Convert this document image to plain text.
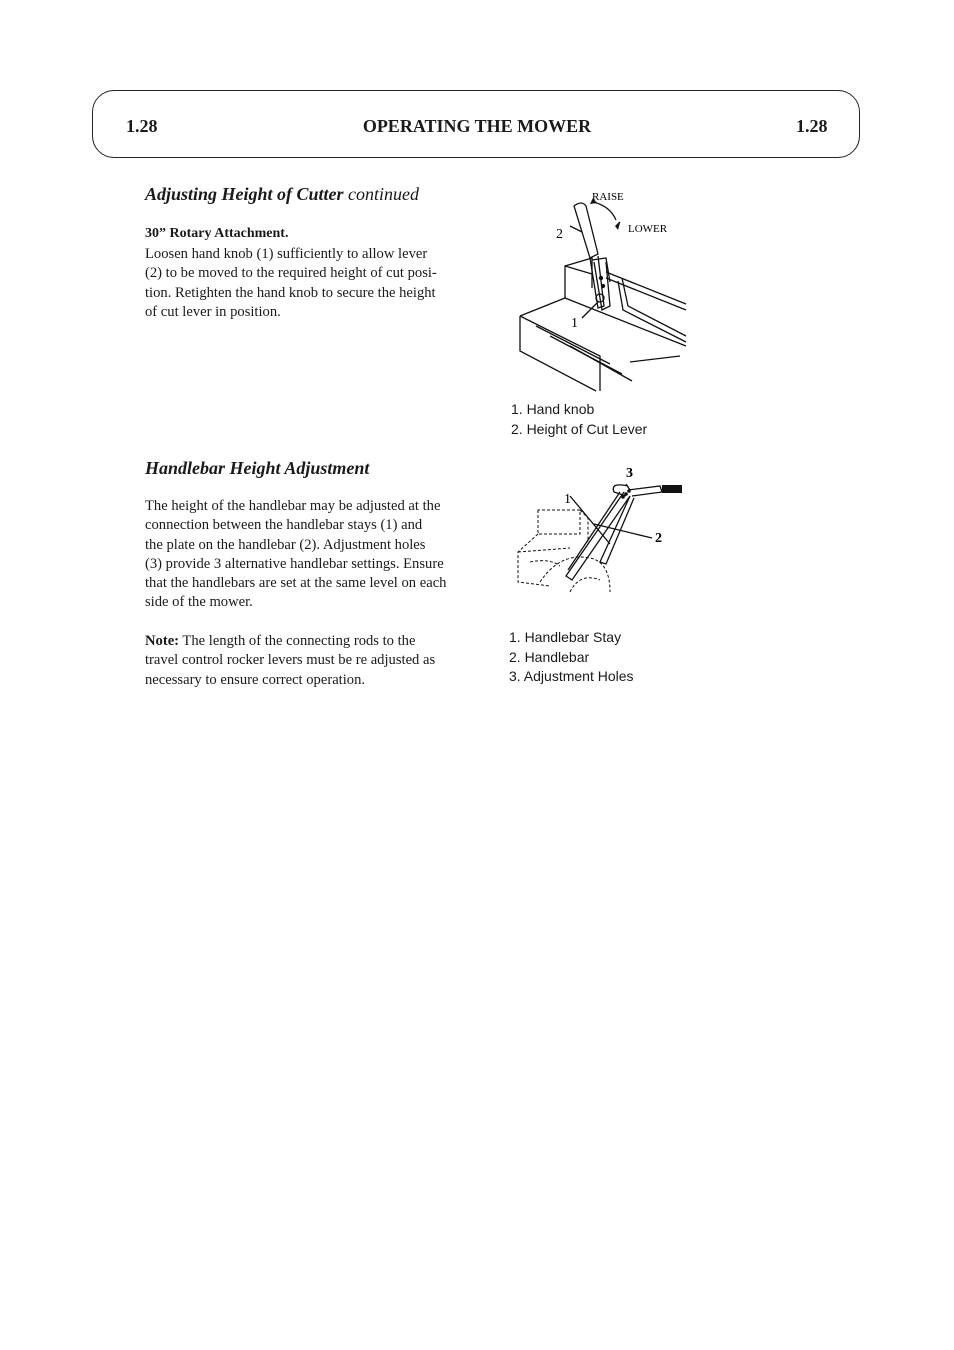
1.28	OPERATING THE MOWER	1.28
Adjusting Height of Cutter continued
30” Rotary Attachment.
Loosen hand knob (1) sufficiently to allow lever
(2) to be moved to the required height of cut posi-
tion. Retighten the hand knob to secure the height
of cut lever in position.
RAISE
LOWER
2
1
1. Hand knob
2. Height of Cut Lever
Handlebar Height Adjustment
The height of the handlebar may be adjusted at the
connection between the handlebar stays (1) and
the plate on the handlebar (2). Adjustment holes
(3) provide 3 alternative handlebar settings. Ensure
that the handlebars are set at the same level on each
side of the mower.
Note: The length of the connecting rods to the
travel control rocker levers must be re adjusted as
necessary to ensure correct operation.
3
1
2
1. Handlebar Stay
2. Handlebar
3. Adjustment Holes
